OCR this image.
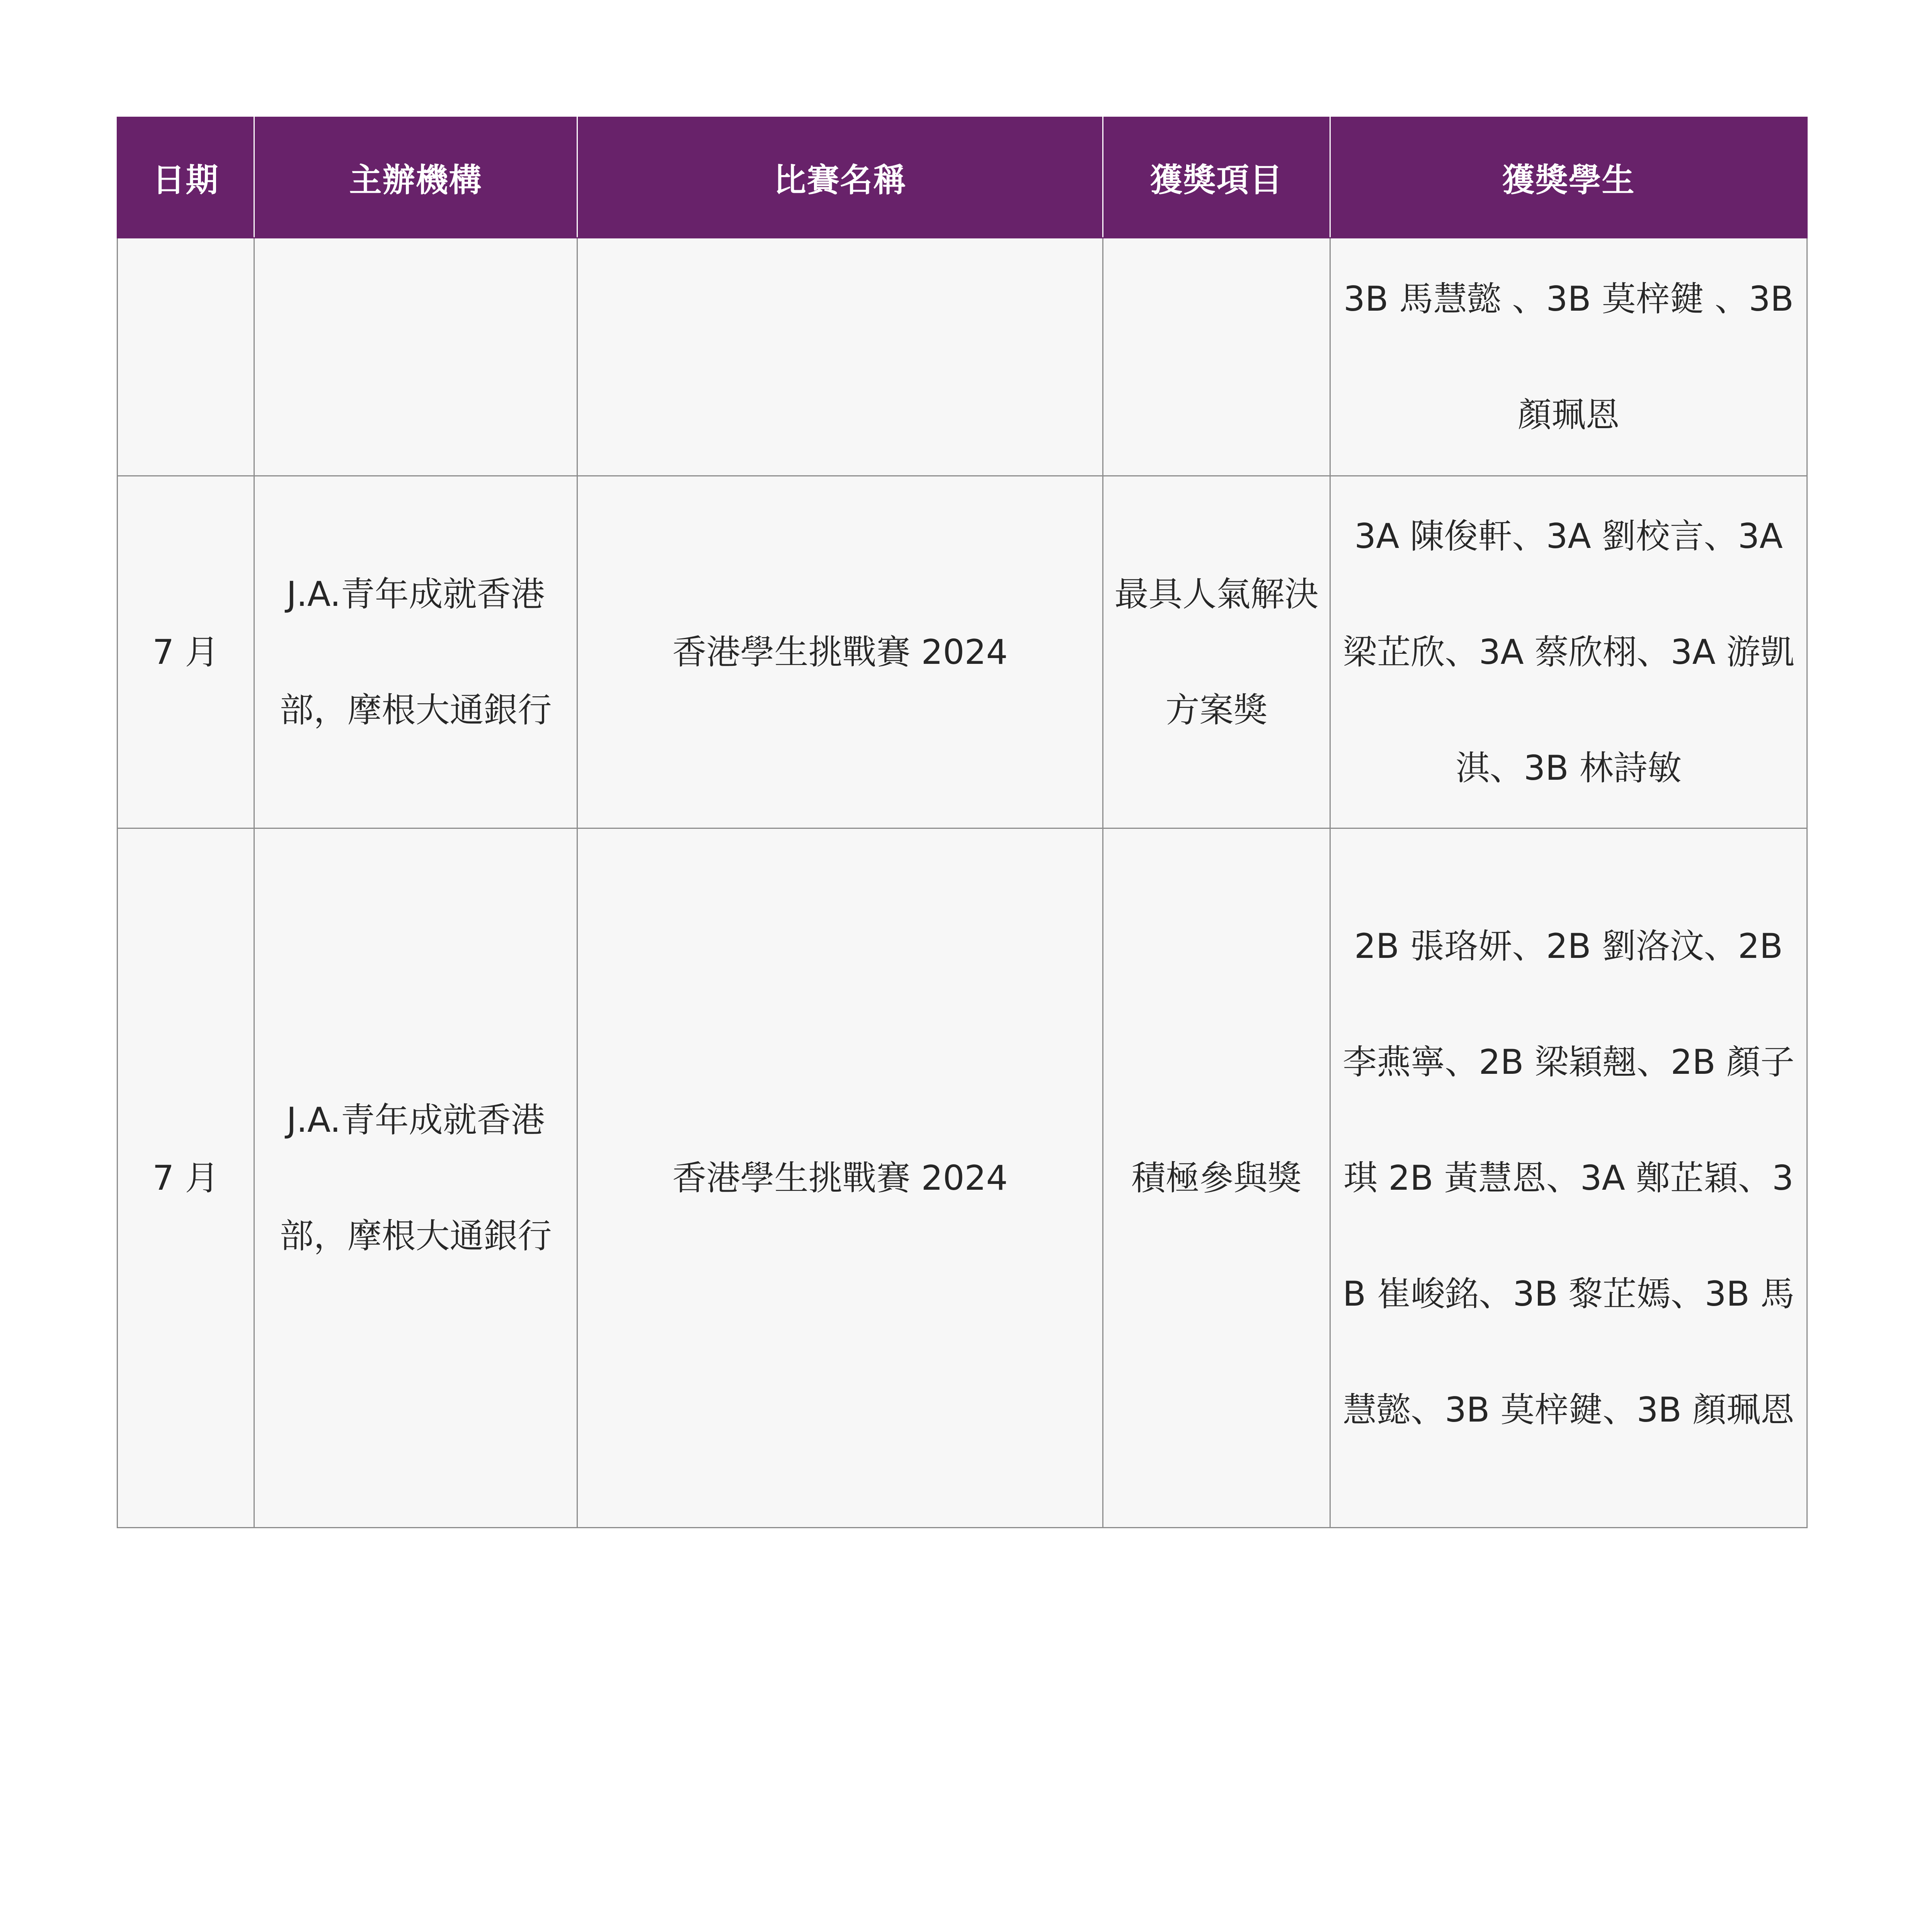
日期	主辦機構	比賽名稱	獲獎項目	獲獎學生

				3B 馬慧懿 、3B 莫梓鍵 、3B 顏珮恩

7 月	J.A.青年成就香港部，摩根大通銀行	香港學生挑戰賽 2024	最具人氣解決方案獎	3A 陳俊軒、3A 劉校言、3A 梁芷欣、3A 蔡欣栩、3A 游凱淇、3B 林詩敏

7 月	J.A.青年成就香港部，摩根大通銀行	香港學生挑戰賽 2024	積極參與獎	2B 張珞妍、2B 劉洛汶、2B 李燕寧、2B 梁穎翹、2B 顏子琪 2B 黃慧恩、3A 鄭芷穎、3B 崔峻銘、3B 黎芷嫣、3B 馬慧懿、3B 莫梓鍵、3B 顏珮恩
